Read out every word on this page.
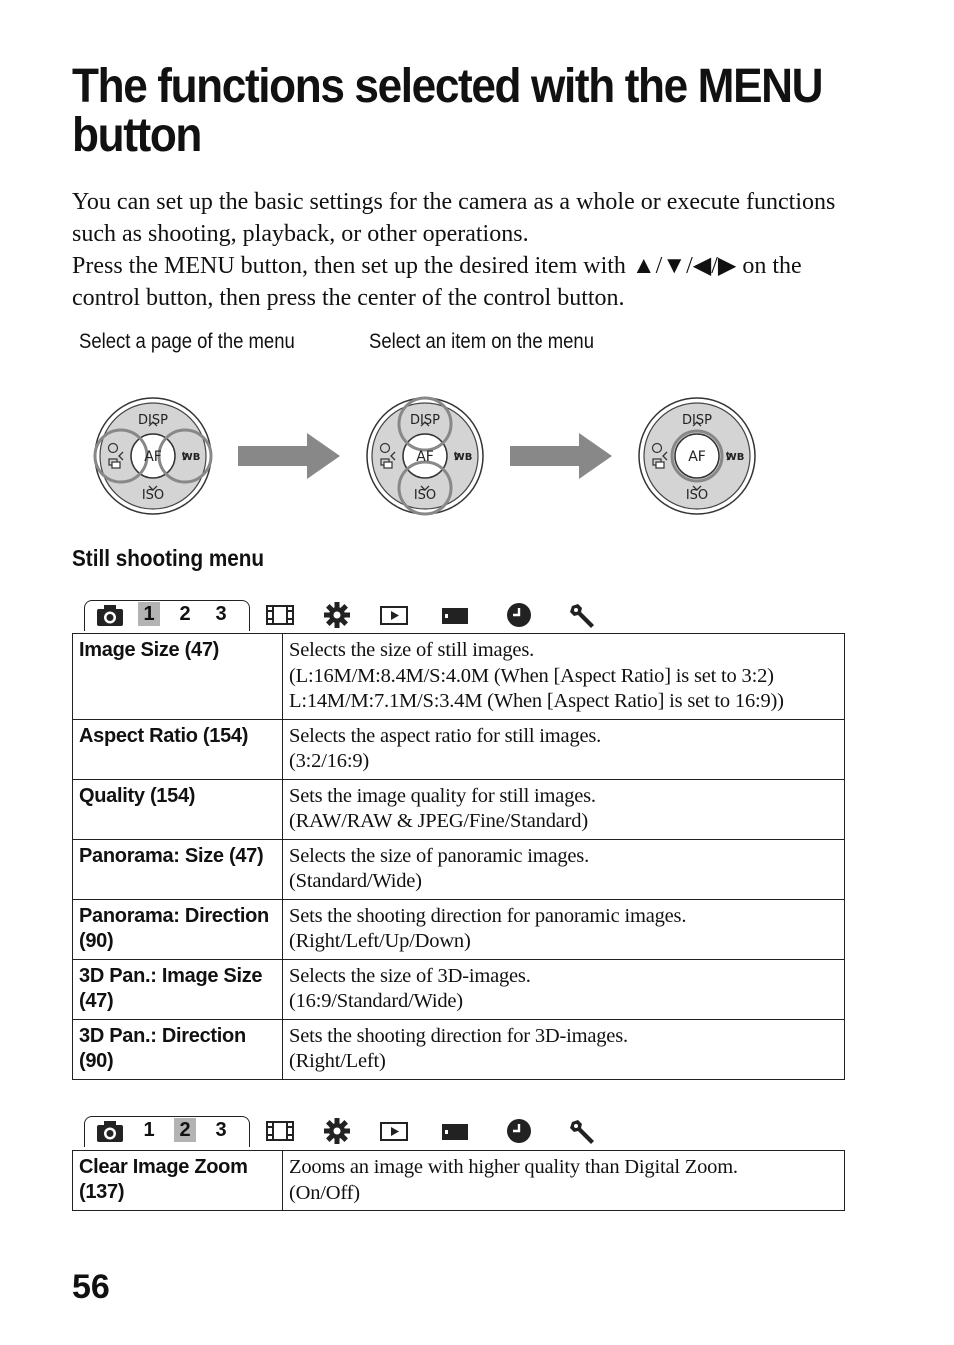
The functions selected with the MENU button

You can set up the basic settings for the camera as a whole or execute functions such as shooting, playback, or other operations.

Press the MENU button, then set up the desired item with ▲/▼/◀/▶ on the control button, then press the center of the control button.

Select a page of the menu	Select an item on the menu
DISP
ISO
AF WB
DISP
ISO
AF WB
DISP
ISO
AF WB
Still shooting menu
1 2 3
Image Size (47)	Selects the size of still images.
(L:16M/M:8.4M/S:4.0M (When [Aspect Ratio] is set to 3:2)
L:14M/M:7.1M/S:3.4M (When [Aspect Ratio] is set to 16:9))
Aspect Ratio (154)	Selects the aspect ratio for still images.
(3:2/16:9)
Quality (154)	Sets the image quality for still images.
(RAW/RAW & JPEG/Fine/Standard)
Panorama: Size (47)	Selects the size of panoramic images.
(Standard/Wide)
Panorama: Direction (90)	Sets the shooting direction for panoramic images.
(Right/Left/Up/Down)
3D Pan.: Image Size (47)	Selects the size of 3D-images.
(16:9/Standard/Wide)
3D Pan.: Direction (90)	Sets the shooting direction for 3D-images.
(Right/Left)
1 2 3
Clear Image Zoom (137)	Zooms an image with higher quality than Digital Zoom.
(On/Off)
56
